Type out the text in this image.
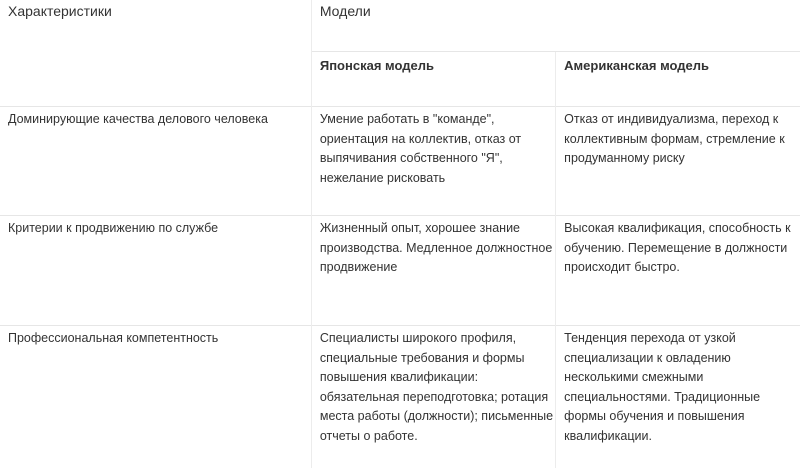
Характеристики	Модели	
	Японская модель	Американская модель
Доминирующие качества делового человека	Умение работать в "команде", ориентация на коллектив, отказ от выпячивания собственного "Я", нежелание рисковать	Отказ от индивидуализма, переход к коллективным формам, стремление к продуманному риску
Критерии к продвижению по службе	Жизненный опыт, хорошее знание производства. Медленное должностное продвижение	Высокая квалификация, способность к обучению. Перемещение в должности происходит быстро.
Профессиональная компетентность	Специалисты широкого профиля, специальные требования и формы повышения квалификации: обязательная переподготовка; ротация места работы (должности); письменные отчеты о работе.	Тенденция перехода от узкой специализации к овладению несколькими смежными специальностями. Традиционные формы обучения и повышения квалификации.
